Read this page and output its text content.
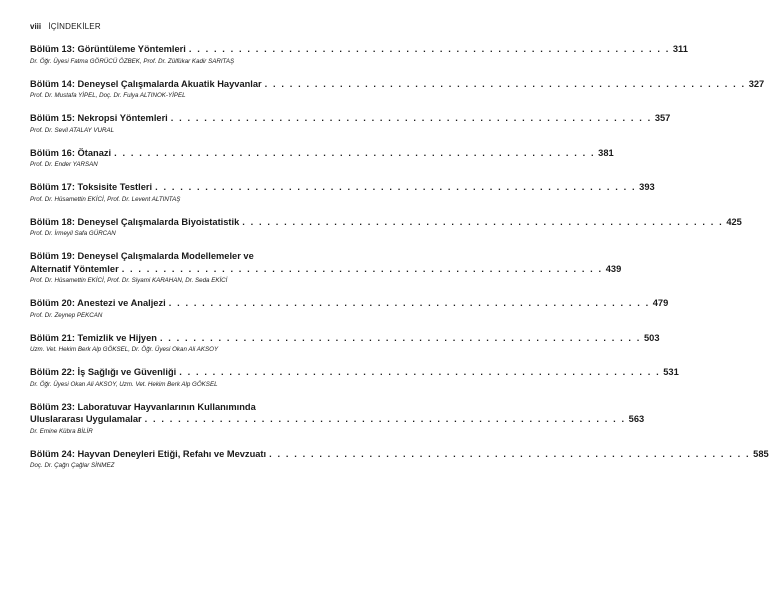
viii İÇİNDEKİLER
Bölüm 13: Görüntüleme Yöntemleri . . . . . . . . . . . . . . . . . . . . . . . . . . . . . . . . . . . . . . . . . . . . . . . . . . . . . . . . . . 311
Dr. Öğr. Üyesi Fatma GÖRÜCÜ ÖZBEK, Prof. Dr. Zülfükar Kadir SARITAŞ
Bölüm 14: Deneysel Çalışmalarda Akuatik Hayvanlar . . . . . . . . . . . . . . . . . . . . . . . . . . . . . . . . . . . . . . . . . . . . . . . . . . . . . . . . . . 327
Prof. Dr. Mustafa YİPEL, Doç. Dr. Fulya ALTINOK-YİPEL
Bölüm 15: Nekropsi Yöntemleri . . . . . . . . . . . . . . . . . . . . . . . . . . . . . . . . . . . . . . . . . . . . . . . . . . . . . . . . . . 357
Prof. Dr. Sevil ATALAY VURAL
Bölüm 16: Ötanazi . . . . . . . . . . . . . . . . . . . . . . . . . . . . . . . . . . . . . . . . . . . . . . . . . . . . . . . . . . 381
Prof. Dr. Ender YARSAN
Bölüm 17: Toksisite Testleri . . . . . . . . . . . . . . . . . . . . . . . . . . . . . . . . . . . . . . . . . . . . . . . . . . . . . . . . . . 393
Prof. Dr. Hüsamettin EKİCİ, Prof. Dr. Levent ALTINTAŞ
Bölüm 18: Deneysel Çalışmalarda Biyoistatistik . . . . . . . . . . . . . . . . . . . . . . . . . . . . . . . . . . . . . . . . . . . . . . . . . . . . . . . . . . 425
Prof. Dr. İrmeyil Safa GÜRCAN
Bölüm 19: Deneysel Çalışmalarda Modellemeler ve
Alternatif Yöntemler . . . . . . . . . . . . . . . . . . . . . . . . . . . . . . . . . . . . . . . . . . . . . . . . . . . . . . . . . . 439
Prof. Dr. Hüsamettin EKİCİ, Prof. Dr. Siyami KARAHAN, Dr. Seda EKİCİ
Bölüm 20: Anestezi ve Analjezi . . . . . . . . . . . . . . . . . . . . . . . . . . . . . . . . . . . . . . . . . . . . . . . . . . . . . . . . . . 479
Prof. Dr. Zeynep PEKCAN
Bölüm 21: Temizlik ve Hijyen . . . . . . . . . . . . . . . . . . . . . . . . . . . . . . . . . . . . . . . . . . . . . . . . . . . . . . . . . . 503
Uzm. Vet. Hekim Berk Alp GÖKSEL, Dr. Öğr. Üyesi Okan Ali AKSOY
Bölüm 22: İş Sağlığı ve Güvenliği . . . . . . . . . . . . . . . . . . . . . . . . . . . . . . . . . . . . . . . . . . . . . . . . . . . . . . . . . . 531
Dr. Öğr. Üyesi Okan Ali AKSOY, Uzm. Vet. Hekim Berk Alp GÖKSEL
Bölüm 23: Laboratuvar Hayvanlarının Kullanımında
Uluslararası Uygulamalar . . . . . . . . . . . . . . . . . . . . . . . . . . . . . . . . . . . . . . . . . . . . . . . . . . . . . . . . . . 563
Dr. Emine Kübra BİLİR
Bölüm 24: Hayvan Deneyleri Etiği, Refahı ve Mevzuatı . . . . . . . . . . . . . . . . . . . . . . . . . . . . . . . . . . . . . . . . . . . . . . . . . . . . . . . . . . 585
Doç. Dr. Çağrı Çağlar SİNMEZ
